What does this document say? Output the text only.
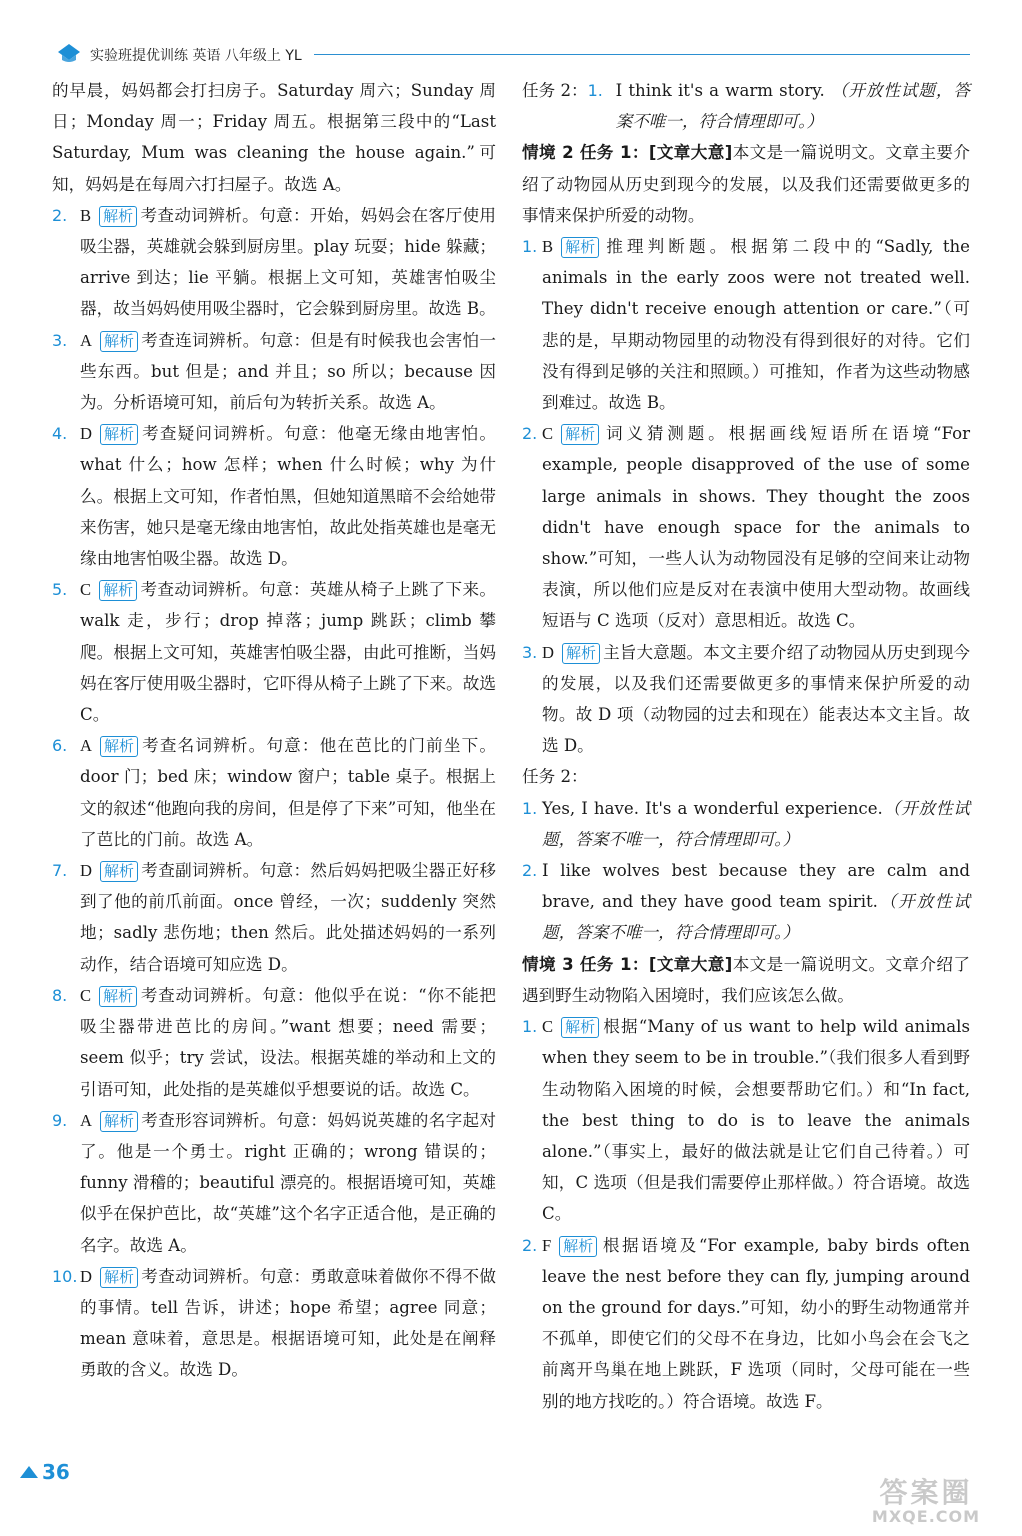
实验班提优训练 英语 八年级上 YL

的早晨，妈妈都会打扫房子。Saturday 周六；Sunday 周日；Monday 周一；Friday 周五。根据第三段中的“Last Saturday, Mum was cleaning the house again.”可知，妈妈是在每周六打扫屋子。故选 A。

2. B 解析 考查动词辨析。句意：开始，妈妈会在客厅使用吸尘器，英雄就会躲到厨房里。play 玩耍；hide 躲藏；arrive 到达；lie 平躺。根据上文可知，英雄害怕吸尘器，故当妈妈使用吸尘器时，它会躲到厨房里。故选 B。
3. A 解析 考查连词辨析。句意：但是有时候我也会害怕一些东西。but 但是；and 并且；so 所以；because 因为。分析语境可知，前后句为转折关系。故选 A。
4. D 解析 考查疑问词辨析。句意：他毫无缘由地害怕。what 什么；how 怎样；when 什么时候；why 为什么。根据上文可知，作者怕黑，但她知道黑暗不会给她带来伤害，她只是毫无缘由地害怕，故此处指英雄也是毫无缘由地害怕吸尘器。故选 D。
5. C 解析 考查动词辨析。句意：英雄从椅子上跳了下来。walk 走，步行；drop 掉落；jump 跳跃；climb 攀爬。根据上文可知，英雄害怕吸尘器，由此可推断，当妈妈在客厅使用吸尘器时，它吓得从椅子上跳了下来。故选 C。
6. A 解析 考查名词辨析。句意：他在芭比的门前坐下。door 门；bed 床；window 窗户；table 桌子。根据上文的叙述“他跑向我的房间，但是停了下来”可知，他坐在了芭比的门前。故选 A。
7. D 解析 考查副词辨析。句意：然后妈妈把吸尘器正好移到了他的前爪前面。once 曾经，一次；suddenly 突然地；sadly 悲伤地；then 然后。此处描述妈妈的一系列动作，结合语境可知应选 D。
8. C 解析 考查动词辨析。句意：他似乎在说：“你不能把吸尘器带进芭比的房间。”want 想要；need 需要；seem 似乎；try 尝试，设法。根据英雄的举动和上文的引语可知，此处指的是英雄似乎想要说的话。故选 C。
9. A 解析 考查形容词辨析。句意：妈妈说英雄的名字起对了。他是一个勇士。right 正确的；wrong 错误的；funny 滑稽的；beautiful 漂亮的。根据语境可知，英雄似乎在保护芭比，故“英雄”这个名字正适合他，是正确的名字。故选 A。
10. D 解析 考查动词辨析。句意：勇敢意味着做你不得不做的事情。tell 告诉，讲述；hope 希望；agree 同意；mean 意味着，意思是。根据语境可知，此处是在阐释勇敢的含义。故选 D。
任务 2： 1. I think it's a warm story. （开放性试题，答案不唯一，符合情理即可。）

情境 2 任务 1：[文章大意]本文是一篇说明文。文章主要介绍了动物园从历史到现今的发展，以及我们还需要做更多的事情来保护所爱的动物。

1. B 解析 推理判断题。根据第二段中的“Sadly, the animals in the early zoos were not treated well. They didn't receive enough attention or care.”（可悲的是，早期动物园里的动物没有得到很好的对待。它们没有得到足够的关注和照顾。）可推知，作者为这些动物感到难过。故选 B。
2. C 解析 词义猜测题。根据画线短语所在语境“For example, people disapproved of the use of some large animals in shows. They thought the zoos didn't have enough space for the animals to show.”可知，一些人认为动物园没有足够的空间来让动物表演，所以他们应是反对在表演中使用大型动物。故画线短语与 C 选项（反对）意思相近。故选 C。
3. D 解析 主旨大意题。本文主要介绍了动物园从历史到现今的发展，以及我们还需要做更多的事情来保护所爱的动物。故 D 项（动物园的过去和现在）能表达本文主旨。故选 D。

任务 2：

1. Yes, I have. It's a wonderful experience.（开放性试题，答案不唯一，符合情理即可。）
2. I like wolves best because they are calm and brave, and they have good team spirit.（开放性试题，答案不唯一，符合情理即可。）

情境 3 任务 1：[文章大意]本文是一篇说明文。文章介绍了遇到野生动物陷入困境时，我们应该怎么做。

1. C 解析 根据“Many of us want to help wild animals when they seem to be in trouble.”（我们很多人看到野生动物陷入困境的时候，会想要帮助它们。）和“In fact, the best thing to do is to leave the animals alone.”（事实上，最好的做法就是让它们自己待着。）可知，C 选项（但是我们需要停止那样做。）符合语境。故选 C。
2. F 解析 根据语境及“For example, baby birds often leave the nest before they can fly, jumping around on the ground for days.”可知，幼小的野生动物通常并不孤单，即使它们的父母不在身边，比如小鸟会在会飞之前离开鸟巢在地上跳跃，F 选项（同时，父母可能在一些别的地方找吃的。）符合语境。故选 F。
36
答案圈
MXQE.COM
